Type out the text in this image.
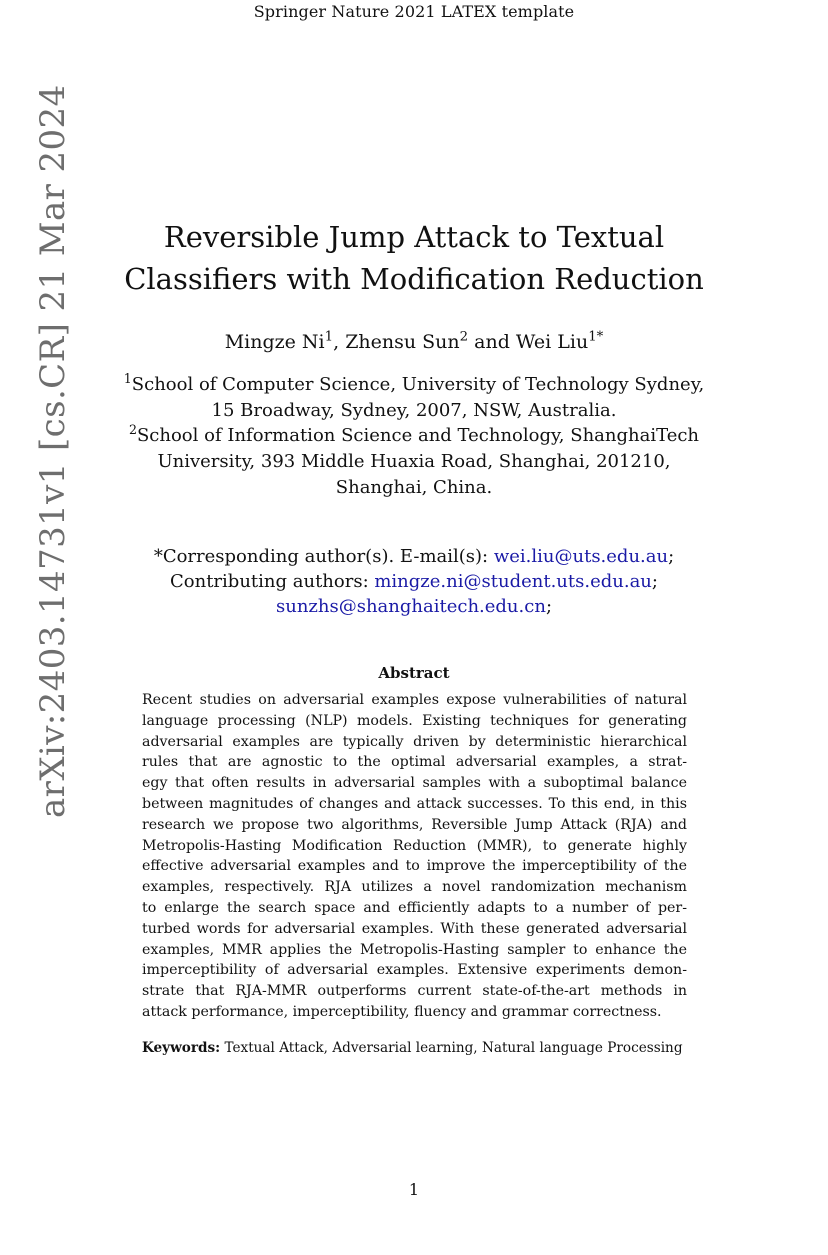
Springer Nature 2021 LATEX template
arXiv:2403.14731v1 [cs.CR] 21 Mar 2024	Reversible Jump Attack to Textual
Classifiers with Modification Reduction
Mingze Ni$^1$, Zhensu Sun$^2$ and Wei Liu$^{1*}$
$^1$School of Computer Science, University of Technology Sydney,
15 Broadway, Sydney, 2007, NSW, Australia.
$^2$School of Information Science and Technology, ShanghaiTech
University, 393 Middle Huaxia Road, Shanghai, 201210,
Shanghai, China.
*Corresponding author(s). E-mail(s): wei.liu@uts.edu.au;
Contributing authors: mingze.ni@student.uts.edu.au;
sunzhs@shanghaitech.edu.cn;
Abstract

Recent studies on adversarial examples expose vulnerabilities of natural
language processing (NLP) models. Existing techniques for generating
adversarial examples are typically driven by deterministic hierarchical
rules that are agnostic to the optimal adversarial examples, a strat-
egy that often results in adversarial samples with a suboptimal balance
between magnitudes of changes and attack successes. To this end, in this
research we propose two algorithms, Reversible Jump Attack (RJA) and
Metropolis-Hasting Modification Reduction (MMR), to generate highly
effective adversarial examples and to improve the imperceptibility of the
examples, respectively. RJA utilizes a novel randomization mechanism
to enlarge the search space and efficiently adapts to a number of per-
turbed words for adversarial examples. With these generated adversarial
examples, MMR applies the Metropolis-Hasting sampler to enhance the
imperceptibility of adversarial examples. Extensive experiments demon-
strate that RJA-MMR outperforms current state-of-the-art methods in
attack performance, imperceptibility, fluency and grammar correctness.

Keywords: Textual Attack, Adversarial learning, Natural language Processing
1
